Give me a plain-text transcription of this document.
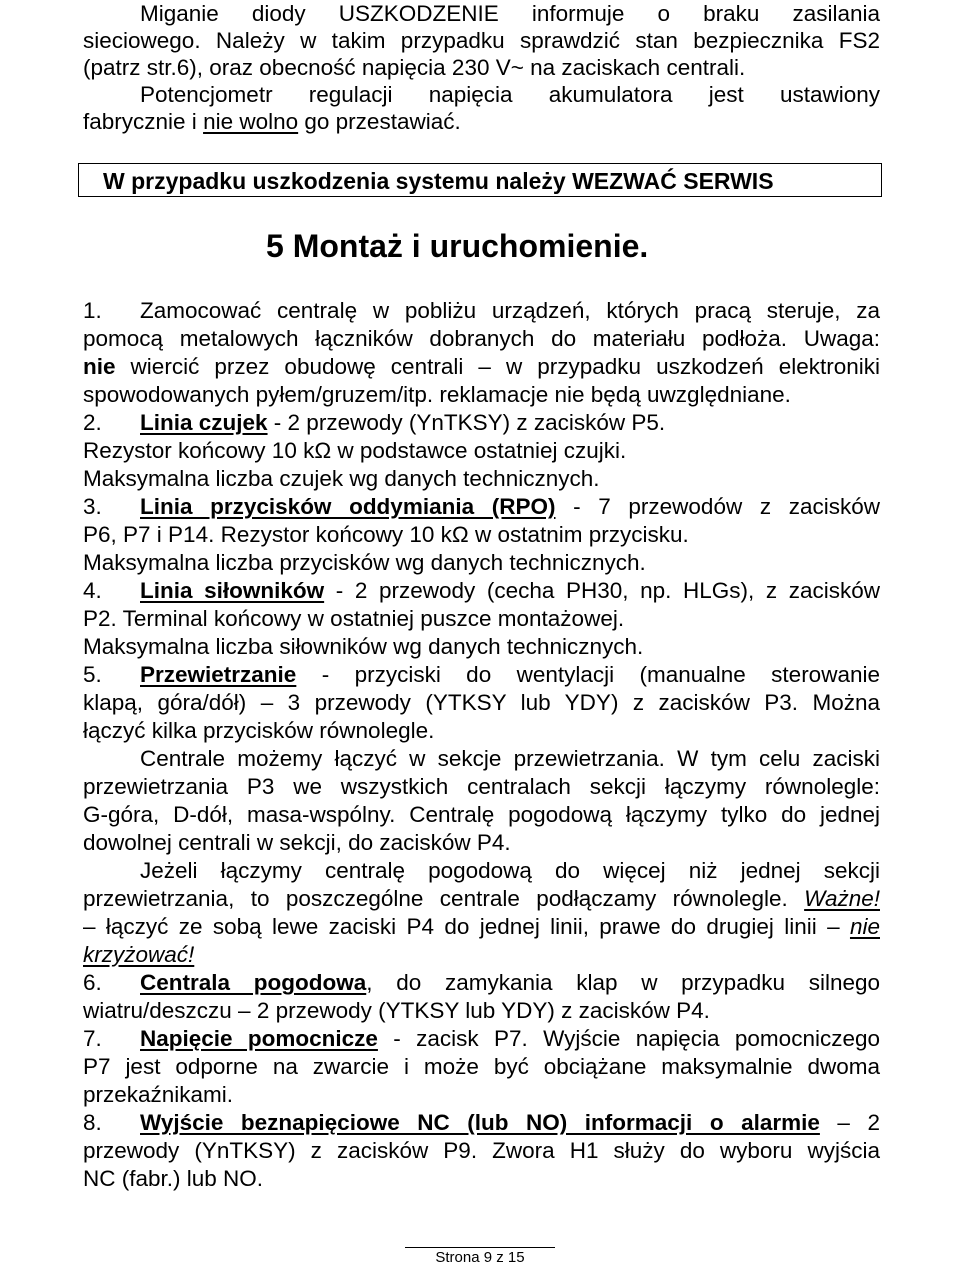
Miganie diody USZKODZENIE informuje o braku zasilania
sieciowego. Należy w takim przypadku sprawdzić stan bezpiecznika FS2
(patrz str.6), oraz obecność napięcia 230 V~ na zaciskach centrali.
Potencjometr regulacji napięcia akumulatora jest ustawiony
fabrycznie i nie wolno go przestawiać.
W przypadku uszkodzenia systemu należy WEZWAĆ SERWIS
5 Montaż i uruchomienie.
1. Zamocować centralę w pobliżu urządzeń, których pracą steruje, za
pomocą metalowych łączników dobranych do materiału podłoża. Uwaga:
nie wiercić przez obudowę centrali – w przypadku uszkodzeń elektroniki
spowodowanych pyłem/gruzem/itp. reklamacje nie będą uwzględniane.
2. Linia czujek - 2 przewody (YnTKSY) z zacisków P5.
Rezystor końcowy 10 kΩ w podstawce ostatniej czujki.
Maksymalna liczba czujek wg danych technicznych.
3. Linia przycisków oddymiania (RPO) - 7 przewodów z zacisków
P6, P7 i P14. Rezystor końcowy 10 kΩ w ostatnim przycisku.
Maksymalna liczba przycisków wg danych technicznych.
4. Linia siłowników - 2 przewody (cecha PH30, np. HLGs), z zacisków
P2. Terminal końcowy w ostatniej puszce montażowej.
Maksymalna liczba siłowników wg danych technicznych.
5. Przewietrzanie - przyciski do wentylacji (manualne sterowanie
klapą, góra/dół) – 3 przewody (YTKSY lub YDY) z zacisków P3. Można
łączyć kilka przycisków równolegle.
Centrale możemy łączyć w sekcje przewietrzania. W tym celu zaciski
przewietrzania P3 we wszystkich centralach sekcji łączymy równolegle:
G-góra, D-dół, masa-wspólny. Centralę pogodową łączymy tylko do jednej
dowolnej centrali w sekcji, do zacisków P4.
Jeżeli łączymy centralę pogodową do więcej niż jednej sekcji
przewietrzania, to poszczególne centrale podłączamy równolegle. Ważne!
– łączyć ze sobą lewe zaciski P4 do jednej linii, prawe do drugiej linii – nie
krzyżować!
6. Centrala pogodowa, do zamykania klap w przypadku silnego
wiatru/deszczu – 2 przewody (YTKSY lub YDY) z zacisków P4.
7. Napięcie pomocnicze - zacisk P7. Wyjście napięcia pomocniczego
P7 jest odporne na zwarcie i może być obciążane maksymalnie dwoma
przekaźnikami.
8. Wyjście beznapięciowe NC (lub NO) informacji o alarmie – 2
przewody (YnTKSY) z zacisków P9. Zwora H1 służy do wyboru wyjścia
NC (fabr.) lub NO.
Strona 9 z 15
